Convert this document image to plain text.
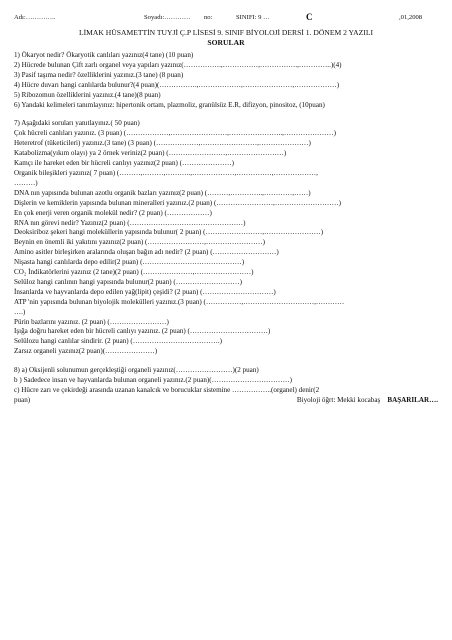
Adı:…………..	Soyadı:………… no:	SINIFI: 9 …	C	,01,2008
LİMAK HÜSAMETTİN TUYJİ Ç.P LİSESİ 9. SINIF BİYOLOJİ DERSİ 1. DÖNEM 2 YAZILI
SORULAR
1) Ökaryot nedir? Ökaryotik canlıları yazınız(4 tane) (10 puan)
2) Hücrede bulunan Çift zarlı organel veya yapıları yazınız(…………….,……………,…………….,…………..)(4)
3) Pasif taşıma nedir? özelliklerini yazınız.(3 tane) (8 puan)
4) Hücre duvarı hangi canlılarda bulunur?(4 puan)(…………….,………………,…………………,………………)
5) Ribozomun özelliklerini yazınız.(4 tane)(8 puan)
6) Yandaki kelimeleri tanımlayınız: hipertonik ortam, plazmoliz, granülsüz E.R, difizyon, pinositoz, (10puan)
7) Aşağıdaki soruları yanıtlayınız.( 50 puan)
Çok hücreli canlıları yazınız. (3 puan) (………………,……………………,…………………..,…………………)
Heteretrof (tüketicileri) yazınız.(3 tane) (3 puan) (………………,……………………,…………………)
Katabolizma(yıkım olayı) ya 2 örnek veriniz(2 puan) (……………………,……………………)
Kamçı ile hareket eden bir hücreli canlıyı yazınız(2 puan) (…………………)
Organik bileşikleri yazınız( 7 puan) (………,………,………..,………………,……………,………………,
………)
DNA nın yapısında bulunan azotlu organik bazları yazınız(2 puan) (………,…………..,…………,……)
Dişlerin ve kemiklerin yapısında bulunan mineralleri yazınız.(2 puan) (……………………,………………………)
En çok enerji veren organik molekül nedir? (2 puan) (………………)
RNA nın görevi nedir? Yazınız(2 puan) (…………………………………………)
Deoksiriboz şekeri hangi moleküllerin yapısında bulunur( 2 puan) (……………………,……………………)
Beynin en önemli iki yakıtını yazınız(2 puan) (……………………,……………………)
Amino asitler birleşirken aralarında oluşan bağın adı nedir? (2 puan) (………………………)
Nişasta hangi canlılarda depo edilir(2 puan) (……………………………………)
CO₂ İndikatörlerini yazınız (2 tane)(2 puan) (…………………,……………………)
Selüloz hangi canlının hangi yapısında bulunur(2 puan) (………………………)
İnsanlarda ve hayvanlarda depo edilen yağ(lipit) çeşidi? (2 puan) (…………………………)
ATP 'nin yapısında bulunan biyolojik molekülleri yazınız.(3 puan) (……………,…………………………,…………
….)
Pürin bazlarını yazınız. (2 puan) (……………………)
Işığa doğru hareket eden bir hücreli canlıyı yazınız. (2 puan) (……………………………)
Selülozu hangi canlılar sindirir. (2 puan) (……………………………….)
Zarsız organeli yazınız(2 puan)(…………………)
8) a) Oksijenli solunumun gerçekleştiği organeli yazınız(……………………)(2 puan)
b ) Sadedece insan ve hayvanlarda bulunan organeli yazınız.(2 puan)(……………………………)
c) Hücre zarı ve çekirdeği arasında uzanan kanalcık ve borucuklar sistemine ……………..(organel) denir(2
puan)	Biyoloji öğrt: Mekki kocabaş BAŞARILAR….
